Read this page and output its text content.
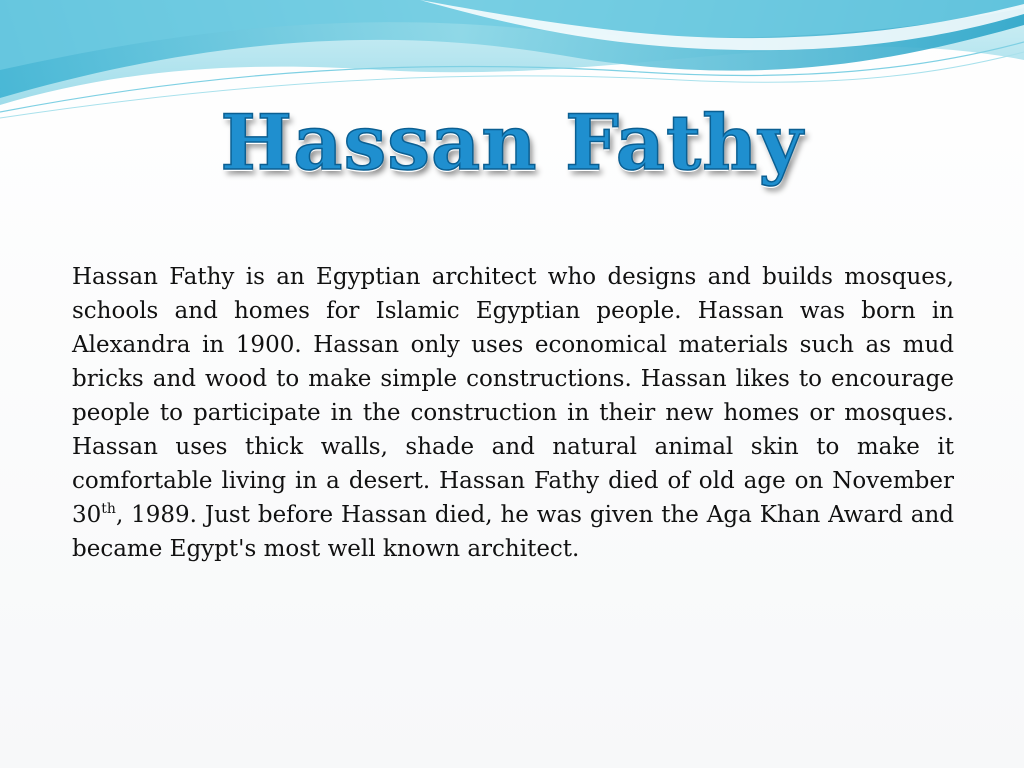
Hassan Fathy

Hassan Fathy is an Egyptian architect who designs and builds mosques, schools and homes for Islamic Egyptian people. Hassan was born in Alexandra in 1900. Hassan only uses economical materials such as mud bricks and wood to make simple constructions. Hassan likes to encourage people to participate in the construction in their new homes or mosques. Hassan uses thick walls, shade and natural animal skin to make it comfortable living in a desert. Hassan Fathy died of old age on November 30th, 1989. Just before Hassan died, he was given the Aga Khan Award and became Egypt's most well known architect.
